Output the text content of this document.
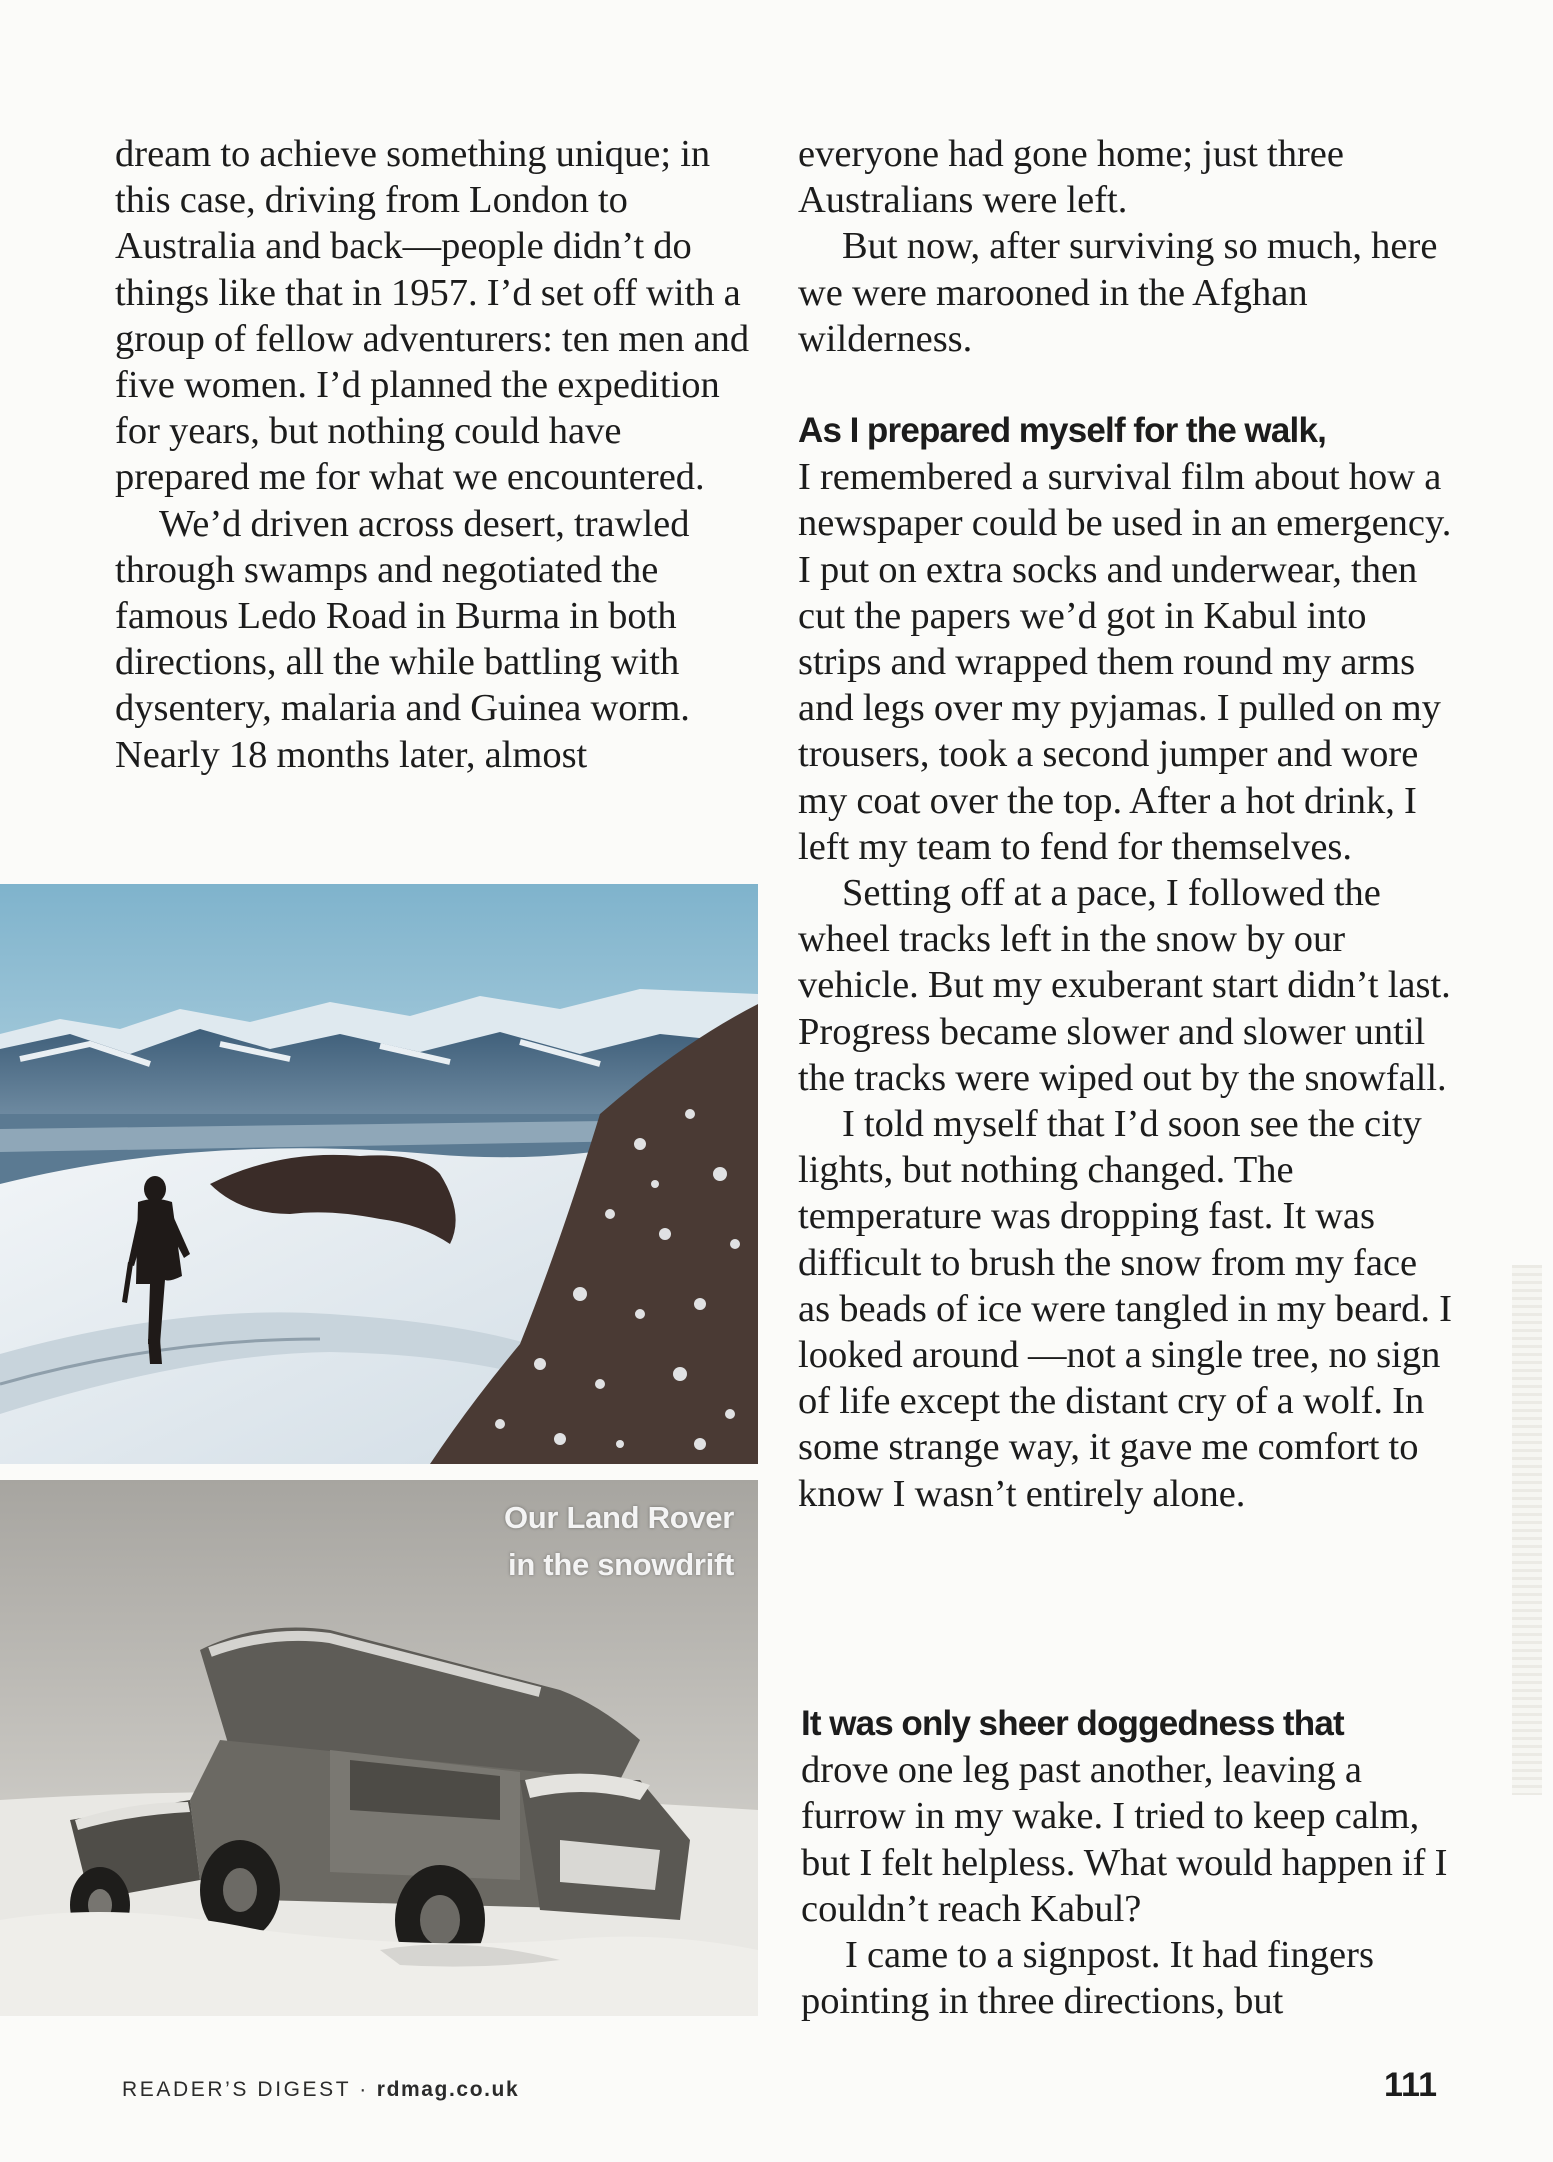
dream to achieve something unique; in this case, driving from London to Australia and back—people didn’t do things like that in 1957. I’d set off with a group of fellow adventurers: ten men and five women. I’d planned the expedition for years, but nothing could have prepared me for what we encountered.

We’d driven across desert, trawled through swamps and negotiated the famous Ledo Road in Burma in both directions, all the while battling with dysentery, malaria and Guinea worm. Nearly 18 months later, almost

everyone had gone home; just three Australians were left.

But now, after surviving so much, here we were marooned in the Afghan wilderness.

As I prepared myself for the walk,
I remembered a survival film about how a newspaper could be used in an emergency. I put on extra socks and underwear, then cut the papers we’d got in Kabul into strips and wrapped them round my arms and legs over my pyjamas. I pulled on my trousers, took a second jumper and wore my coat over the top. After a hot drink, I left my team to fend for themselves.

Setting off at a pace, I followed the wheel tracks left in the snow by our vehicle. But my exuberant start didn’t last. Progress became slower and slower until the tracks were wiped out by the snowfall.

I told myself that I’d soon see the city lights, but nothing changed. The temperature was dropping fast. It was difficult to brush the snow from my face as beads of ice were tangled in my beard. I looked around —not a single tree, no sign of life except the distant cry of a wolf. In some strange way, it gave me comfort to know I wasn’t entirely alone.

It was only sheer doggedness that
drove one leg past another, leaving a furrow in my wake. I tried to keep calm, but I felt helpless. What would happen if I couldn’t reach Kabul?

I came to a signpost. It had fingers pointing in three directions, but

Our Land Rover
in the snowdrift
READER’S DIGEST · rdmag.co.uk	111
